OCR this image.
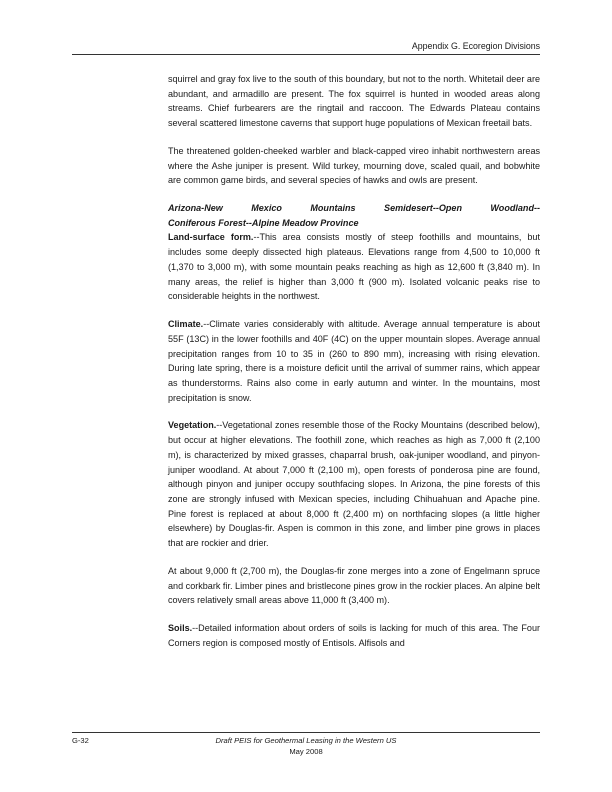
Appendix G. Ecoregion Divisions

squirrel and gray fox live to the south of this boundary, but not to the north. Whitetail deer are abundant, and armadillo are present. The fox squirrel is hunted in wooded areas along streams. Chief furbearers are the ringtail and raccoon. The Edwards Plateau contains several scattered limestone caverns that support huge populations of Mexican freetail bats.

The threatened golden-cheeked warbler and black-capped vireo inhabit northwestern areas where the Ashe juniper is present. Wild turkey, mourning dove, scaled quail, and bobwhite are common game birds, and several species of hawks and owls are present.

Arizona-New Mexico Mountains Semidesert--Open Woodland--
Coniferous Forest--Alpine Meadow Province

Land-surface form.--This area consists mostly of steep foothills and mountains, but includes some deeply dissected high plateaus. Elevations range from 4,500 to 10,000 ft (1,370 to 3,000 m), with some mountain peaks reaching as high as 12,600 ft (3,840 m). In many areas, the relief is higher than 3,000 ft (900 m). Isolated volcanic peaks rise to considerable heights in the northwest.

Climate.--Climate varies considerably with altitude. Average annual temperature is about 55F (13C) in the lower foothills and 40F (4C) on the upper mountain slopes. Average annual precipitation ranges from 10 to 35 in (260 to 890 mm), increasing with rising elevation. During late spring, there is a moisture deficit until the arrival of summer rains, which appear as thunderstorms. Rains also come in early autumn and winter. In the mountains, most precipitation is snow.

Vegetation.--Vegetational zones resemble those of the Rocky Mountains (described below), but occur at higher elevations. The foothill zone, which reaches as high as 7,000 ft (2,100 m), is characterized by mixed grasses, chaparral brush, oak-juniper woodland, and pinyon-juniper woodland. At about 7,000 ft (2,100 m), open forests of ponderosa pine are found, although pinyon and juniper occupy southfacing slopes. In Arizona, the pine forests of this zone are strongly infused with Mexican species, including Chihuahuan and Apache pine. Pine forest is replaced at about 8,000 ft (2,400 m) on northfacing slopes (a little higher elsewhere) by Douglas-fir. Aspen is common in this zone, and limber pine grows in places that are rockier and drier.

At about 9,000 ft (2,700 m), the Douglas-fir zone merges into a zone of Engelmann spruce and corkbark fir. Limber pines and bristlecone pines grow in the rockier places. An alpine belt covers relatively small areas above 11,000 ft (3,400 m).

Soils.--Detailed information about orders of soils is lacking for much of this area. The Four Corners region is composed mostly of Entisols. Alfisols and

G-32	Draft PEIS for Geothermal Leasing in the Western US
May 2008
